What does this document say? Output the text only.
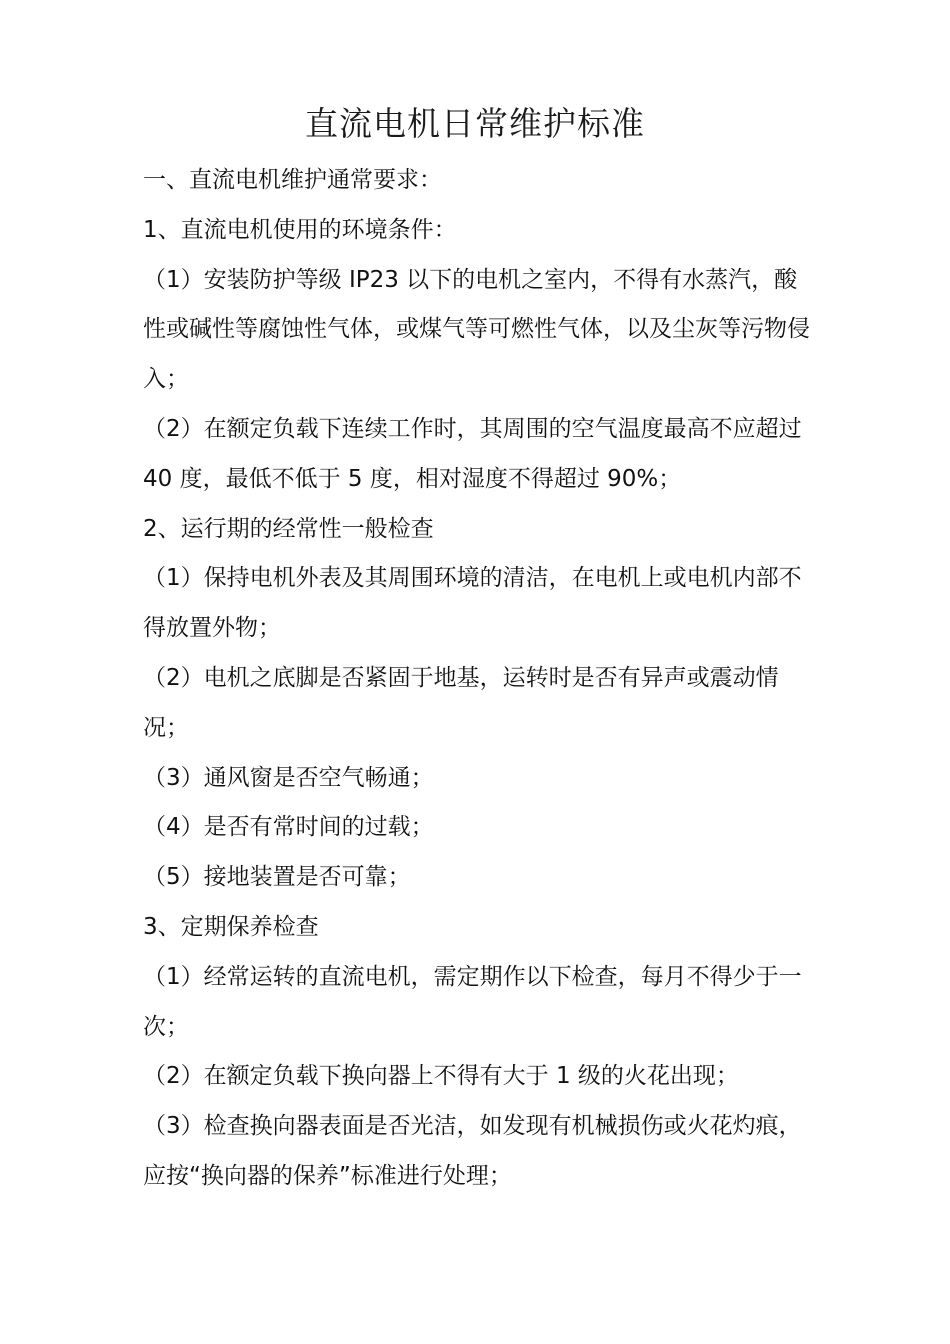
直流电机日常维护标准

一、直流电机维护通常要求：

1、直流电机使用的环境条件：

（1）安装防护等级 IP23 以下的电机之室内，不得有水蒸汽，酸性或碱性等腐蚀性气体，或煤气等可燃性气体，以及尘灰等污物侵入；

（2）在额定负载下连续工作时，其周围的空气温度最高不应超过 40 度，最低不低于 5 度，相对湿度不得超过 90%；

2、运行期的经常性一般检查

（1）保持电机外表及其周围环境的清洁，在电机上或电机内部不得放置外物；

（2）电机之底脚是否紧固于地基，运转时是否有异声或震动情况；

（3）通风窗是否空气畅通；

（4）是否有常时间的过载；

（5）接地装置是否可靠；

3、定期保养检查

（1）经常运转的直流电机，需定期作以下检查，每月不得少于一次；

（2）在额定负载下换向器上不得有大于 1 级的火花出现；

（3）检查换向器表面是否光洁，如发现有机械损伤或火花灼痕，应按“换向器的保养”标准进行处理；
